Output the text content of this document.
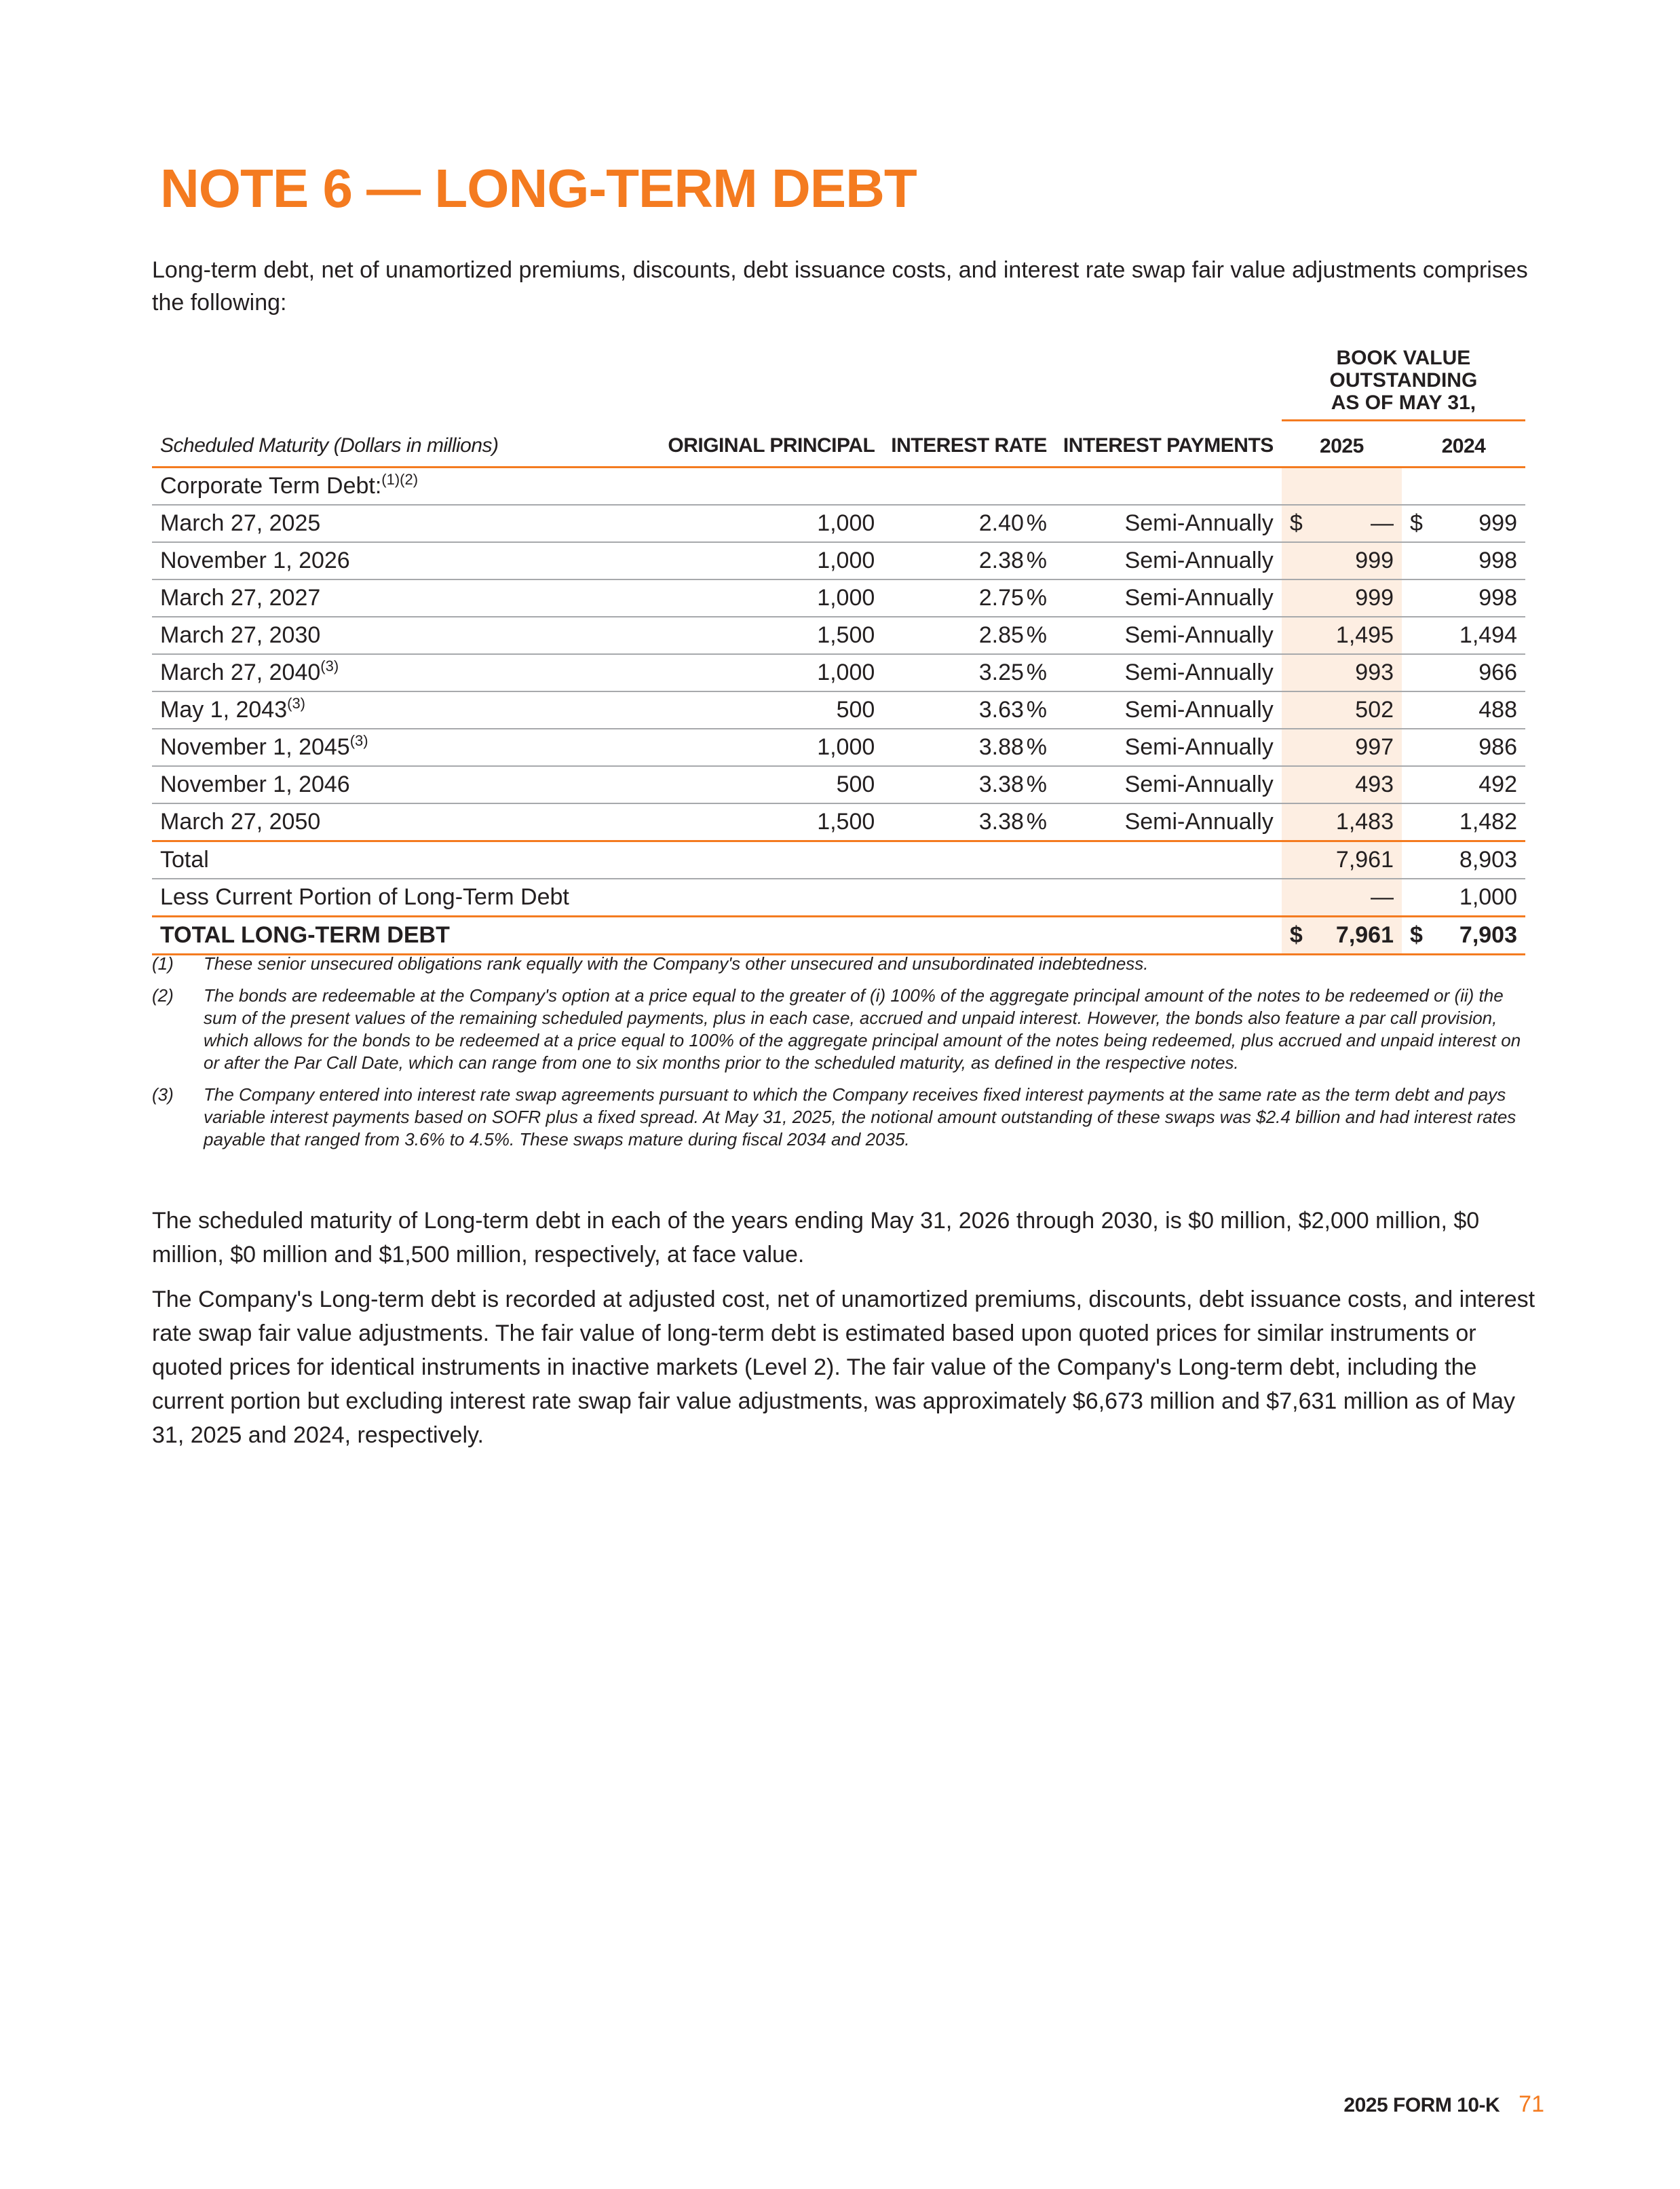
NOTE 6 — LONG-TERM DEBT
Long-term debt, net of unamortized premiums, discounts, debt issuance costs, and interest rate swap fair value adjustments comprises the following:

				BOOK VALUE
OUTSTANDING
AS OF MAY 31,	

Scheduled Maturity (Dollars in millions)	ORIGINAL PRINCIPAL	INTEREST RATE	INTEREST PAYMENTS	2025	2024
Corporate Term Debt:$^{(1)(2)}$					
March 27, 2025	1,000	2.40 %	Semi-Annually	$ —	$ 999

November 1, 2026	1,000	2.38 %	Semi-Annually	999	998

March 27, 2027	1,000	2.75 %	Semi-Annually	999	998

March 27, 2030	1,500	2.85 %	Semi-Annually	1,495	1,494

March 27, 2040$^{(3)}$	1,000	3.25 %	Semi-Annually	993	966

May 1, 2043$^{(3)}$	500	3.63 %	Semi-Annually	502	488

November 1, 2045$^{(3)}$	1,000	3.88 %	Semi-Annually	997	986

November 1, 2046	500	3.38 %	Semi-Annually	493	492

March 27, 2050	1,500	3.38 %	Semi-Annually	1,483	1,482

Total				7,961	8,903
Less Current Portion of Long-Term Debt				—	1,000
TOTAL LONG-TERM DEBT				$ 7,961	$ 7,903
(1)	These senior unsecured obligations rank equally with the Company's other unsecured and unsubordinated indebtedness.
(2)	The bonds are redeemable at the Company's option at a price equal to the greater of (i) 100% of the aggregate principal amount of the notes to be redeemed or (ii) the sum of the present values of the remaining scheduled payments, plus in each case, accrued and unpaid interest. However, the bonds also feature a par call provision, which allows for the bonds to be redeemed at a price equal to 100% of the aggregate principal amount of the notes being redeemed, plus accrued and unpaid interest on or after the Par Call Date, which can range from one to six months prior to the scheduled maturity, as defined in the respective notes.
(3)	The Company entered into interest rate swap agreements pursuant to which the Company receives fixed interest payments at the same rate as the term debt and pays variable interest payments based on SOFR plus a fixed spread. At May 31, 2025, the notional amount outstanding of these swaps was $2.4 billion and had interest rates payable that ranged from 3.6% to 4.5%. These swaps mature during fiscal 2034 and 2035.
The scheduled maturity of Long-term debt in each of the years ending May 31, 2026 through 2030, is $0 million, $2,000 million, $0 million, $0 million and $1,500 million, respectively, at face value.
The Company's Long-term debt is recorded at adjusted cost, net of unamortized premiums, discounts, debt issuance costs, and interest rate swap fair value adjustments. The fair value of long-term debt is estimated based upon quoted prices for similar instruments or quoted prices for identical instruments in inactive markets (Level 2). The fair value of the Company's Long-term debt, including the current portion but excluding interest rate swap fair value adjustments, was approximately $6,673 million and $7,631 million as of May 31, 2025 and 2024, respectively.
2025 FORM 10-K 71
